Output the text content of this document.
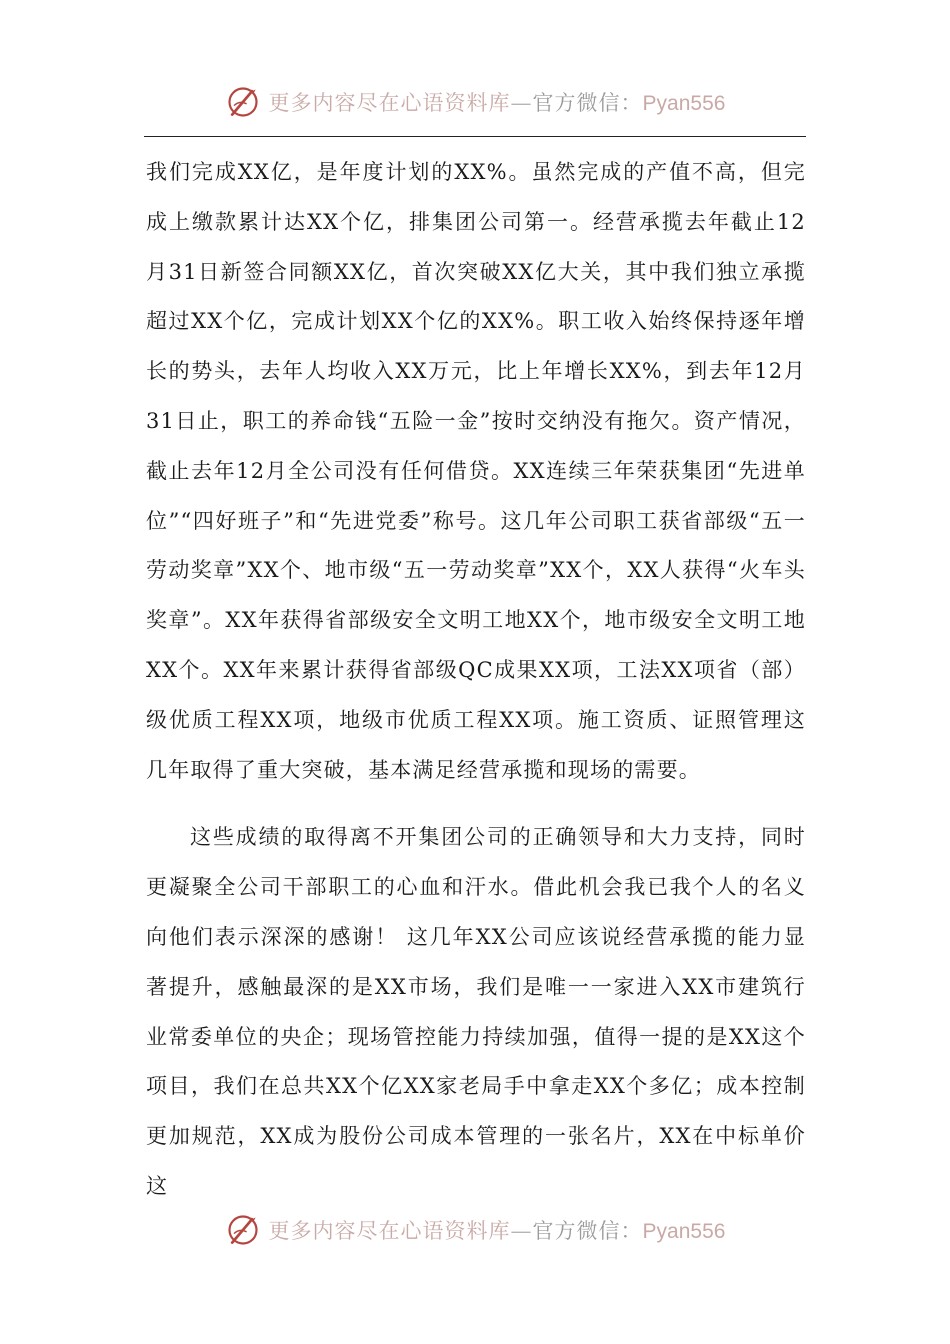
更多内容尽在心语资料库—官方微信：Pyan556

我们完成XX亿，是年度计划的XX%。虽然完成的产值不高，但完成上缴款累计达XX个亿，排集团公司第一。经营承揽去年截止12月31日新签合同额XX亿，首次突破XX亿大关，其中我们独立承揽超过XX个亿，完成计划XX个亿的XX%。职工收入始终保持逐年增长的势头，去年人均收入XX万元，比上年增长XX%，到去年12月31日止，职工的养命钱“五险一金”按时交纳没有拖欠。资产情况，截止去年12月全公司没有任何借贷。XX连续三年荣获集团“先进单位”“四好班子”和“先进党委”称号。这几年公司职工获省部级“五一劳动奖章”XX个、地市级“五一劳动奖章”XX个，XX人获得“火车头奖章”。XX年获得省部级安全文明工地XX个，地市级安全文明工地XX个。XX年来累计获得省部级QC成果XX项，工法XX项省（部）级优质工程XX项，地级市优质工程XX项。施工资质、证照管理这几年取得了重大突破，基本满足经营承揽和现场的需要。

这些成绩的取得离不开集团公司的正确领导和大力支持，同时更凝聚全公司干部职工的心血和汗水。借此机会我已我个人的名义向他们表示深深的感谢！ 这几年XX公司应该说经营承揽的能力显著提升，感触最深的是XX市场，我们是唯一一家进入XX市建筑行业常委单位的央企；现场管控能力持续加强，值得一提的是XX这个项目，我们在总共XX个亿XX家老局手中拿走XX个多亿；成本控制更加规范，XX成为股份公司成本管理的一张名片，XX在中标单价这

更多内容尽在心语资料库—官方微信：Pyan556
